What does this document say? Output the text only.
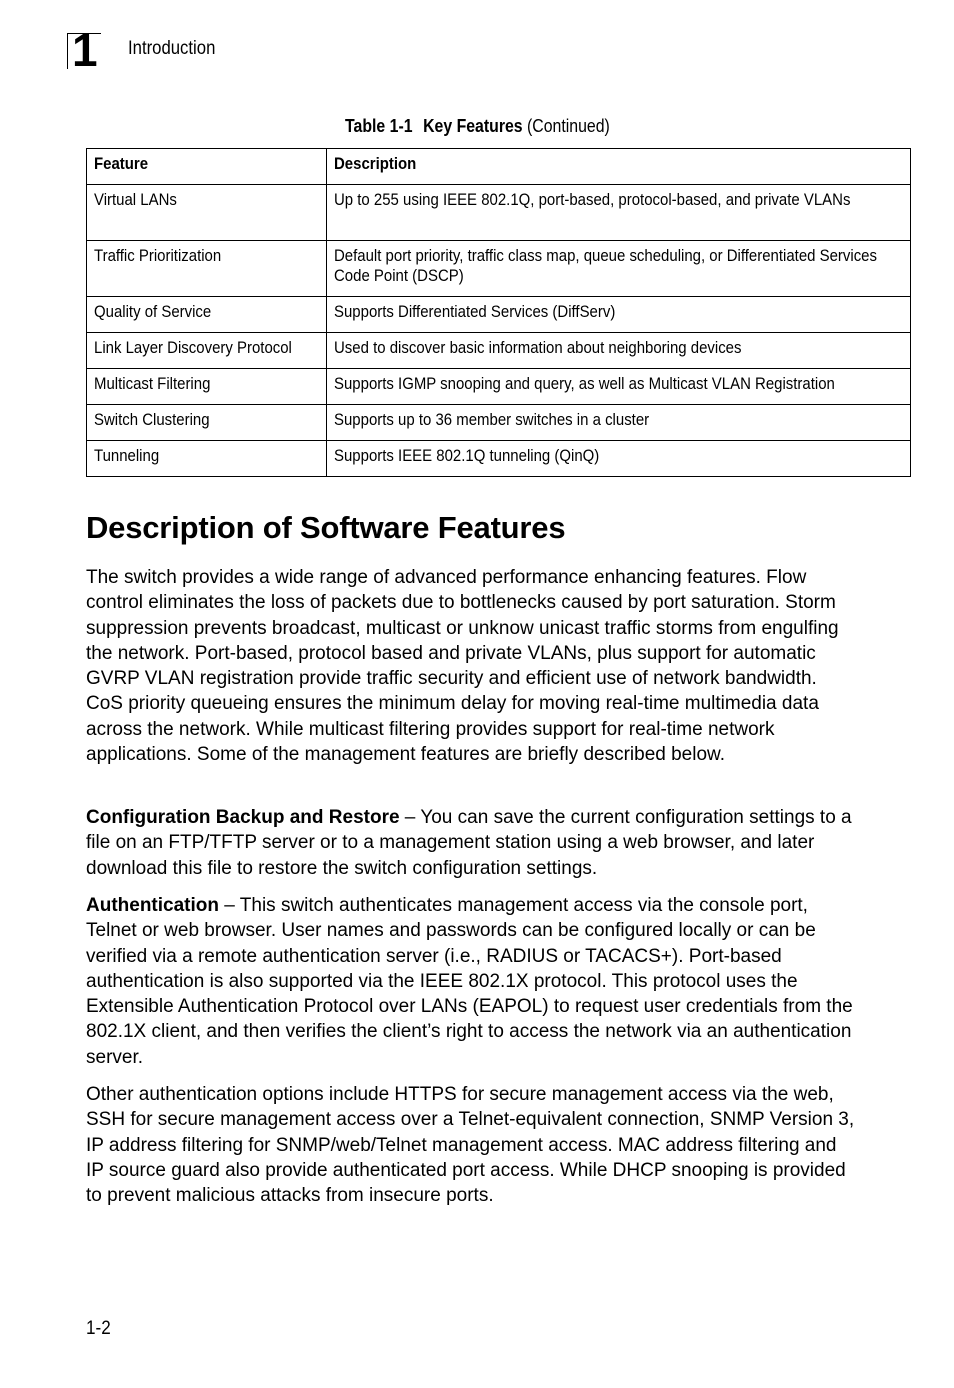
1 Introduction
Table 1-1 Key Features (Continued)
Feature	Description

Virtual LANs	Up to 255 using IEEE 802.1Q, port-based, protocol-based, and private VLANs

Traffic Prioritization	Default port priority, traffic class map, queue scheduling, or Differentiated Services Code Point (DSCP)

Quality of Service	Supports Differentiated Services (DiffServ)

Link Layer Discovery Protocol	Used to discover basic information about neighboring devices

Multicast Filtering	Supports IGMP snooping and query, as well as Multicast VLAN Registration

Switch Clustering	Supports up to 36 member switches in a cluster

Tunneling	Supports IEEE 802.1Q tunneling (QinQ)
Description of Software Features

The switch provides a wide range of advanced performance enhancing features. Flow control eliminates the loss of packets due to bottlenecks caused by port saturation. Storm suppression prevents broadcast, multicast or unknow unicast traffic storms from engulfing the network. Port-based, protocol based and private VLANs, plus support for automatic GVRP VLAN registration provide traffic security and efficient use of network bandwidth. CoS priority queueing ensures the minimum delay for moving real-time multimedia data across the network. While multicast filtering provides support for real-time network applications. Some of the management features are briefly described below.

Configuration Backup and Restore – You can save the current configuration settings to a file on an FTP/TFTP server or to a management station using a web browser, and later download this file to restore the switch configuration settings.

Authentication – This switch authenticates management access via the console port, Telnet or web browser. User names and passwords can be configured locally or can be verified via a remote authentication server (i.e., RADIUS or TACACS+). Port-based authentication is also supported via the IEEE 802.1X protocol. This protocol uses the Extensible Authentication Protocol over LANs (EAPOL) to request user credentials from the 802.1X client, and then verifies the client’s right to access the network via an authentication server.

Other authentication options include HTTPS for secure management access via the web, SSH for secure management access over a Telnet-equivalent connection, SNMP Version 3, IP address filtering for SNMP/web/Telnet management access. MAC address filtering and IP source guard also provide authenticated port access. While DHCP snooping is provided to prevent malicious attacks from insecure ports.

1-2
